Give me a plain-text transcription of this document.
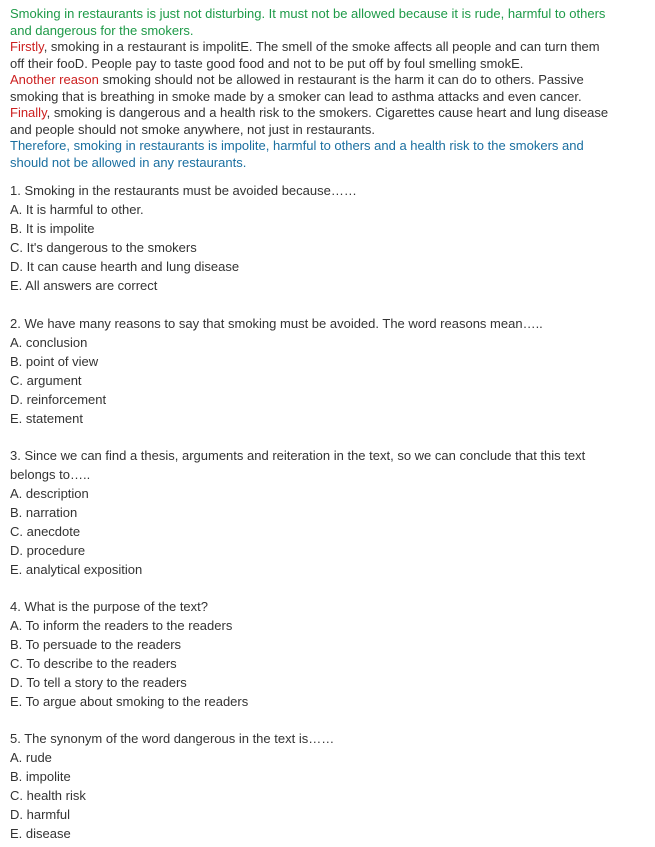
Smoking in restaurants is just not disturbing. It must not be allowed because it is rude, harmful to others and dangerous for the smokers.

Firstly, smoking in a restaurant is impolitE. The smell of the smoke affects all people and can turn them off their fooD. People pay to taste good food and not to be put off by foul smelling smokE.

Another reason smoking should not be allowed in restaurant is the harm it can do to others. Passive smoking that is breathing in smoke made by a smoker can lead to asthma attacks and even cancer.

Finally, smoking is dangerous and a health risk to the smokers. Cigarettes cause heart and lung disease and people should not smoke anywhere, not just in restaurants.

Therefore, smoking in restaurants is impolite, harmful to others and a health risk to the smokers and should not be allowed in any restaurants.

1. Smoking in the restaurants must be avoided because……

A. It is harmful to other.

B. It is impolite

C. It's dangerous to the smokers

D. It can cause hearth and lung disease

E. All answers are correct

2. We have many reasons to say that smoking must be avoided. The word reasons mean…..

A. conclusion

B. point of view

C. argument

D. reinforcement

E. statement

3. Since we can find a thesis, arguments and reiteration in the text, so we can conclude that this text belongs to…..

A. description

B. narration

C. anecdote

D. procedure

E. analytical exposition

4. What is the purpose of the text?

A. To inform the readers to the readers

B. To persuade to the readers

C. To describe to the readers

D. To tell a story to the readers

E. To argue about smoking to the readers

5. The synonym of the word dangerous in the text is……

A. rude

B. impolite

C. health risk

D. harmful

E. disease
